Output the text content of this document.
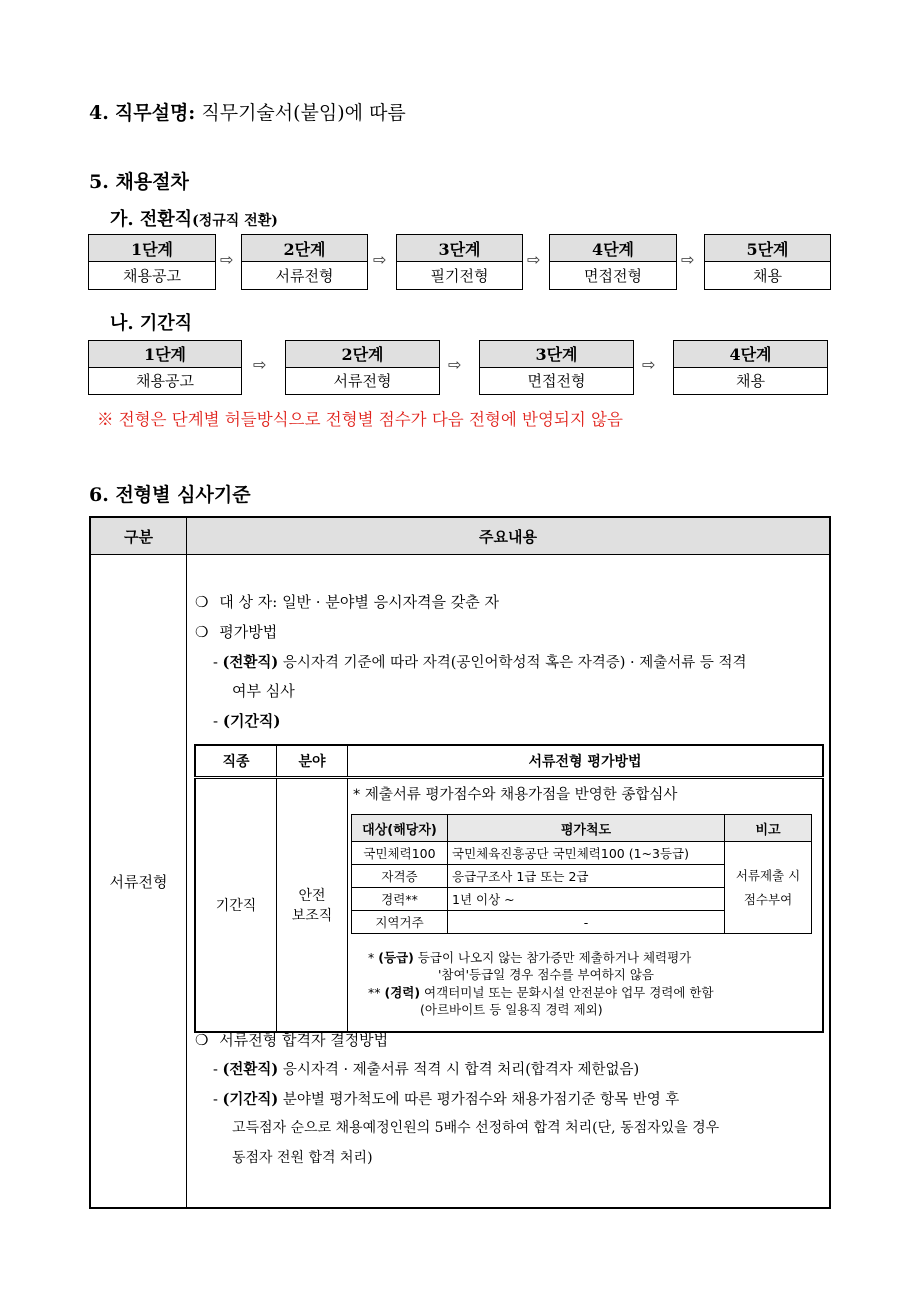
4. 직무설명: 직무기술서(붙임)에 따름
5. 채용절차
가. 전환직(정규직 전환)
1단계
채용공고
⇨
2단계
서류전형
⇨
3단계
필기전형
⇨
4단계
면접전형
⇨
5단계
채용
나. 기간직
1단계
채용공고
⇨
2단계
서류전형
⇨
3단계
면접전형
⇨
4단계
채용
※ 전형은 단계별 허들방식으로 전형별 점수가 다음 전형에 반영되지 않음
6. 전형별 심사기준
구분	주요내용
서류전형	
❍ 대 상 자: 일반 · 분야별 응시자격을 갖춘 자
❍ 평가방법
- (전환직) 응시자격 기준에 따라 자격(공인어학성적 혹은 자격증) · 제출서류 등 적격
여부 심사
- (기간직)
직종	분야	서류전형 평가방법
기간직	안전
보조직	

* 제출서류 평가점수와 채용가점을 반영한 종합심사
대상(해당자)	평가척도	비고
국민체력100	국민체육진흥공단 국민체력100 (1~3등급)	서류제출 시
점수부여

자격증	응급구조사 1급 또는 2급	
경력**	1년 이상 ~	
지역거주	-	
* (등급) 등급이 나오지 않는 참가증만 제출하거나 체력평가
'참여'등급일 경우 점수를 부여하지 않음
** (경력) 여객터미널 또는 문화시설 안전분야 업무 경력에 한함
(아르바이트 등 일용직 경력 제외)
❍ 서류전형 합격자 결정방법
- (전환직) 응시자격 · 제출서류 적격 시 합격 처리(합격자 제한없음)
- (기간직) 분야별 평가척도에 따른 평가점수와 채용가점기준 항목 반영 후
고득점자 순으로 채용예정인원의 5배수 선정하여 합격 처리(단, 동점자있을 경우
동점자 전원 합격 처리)
